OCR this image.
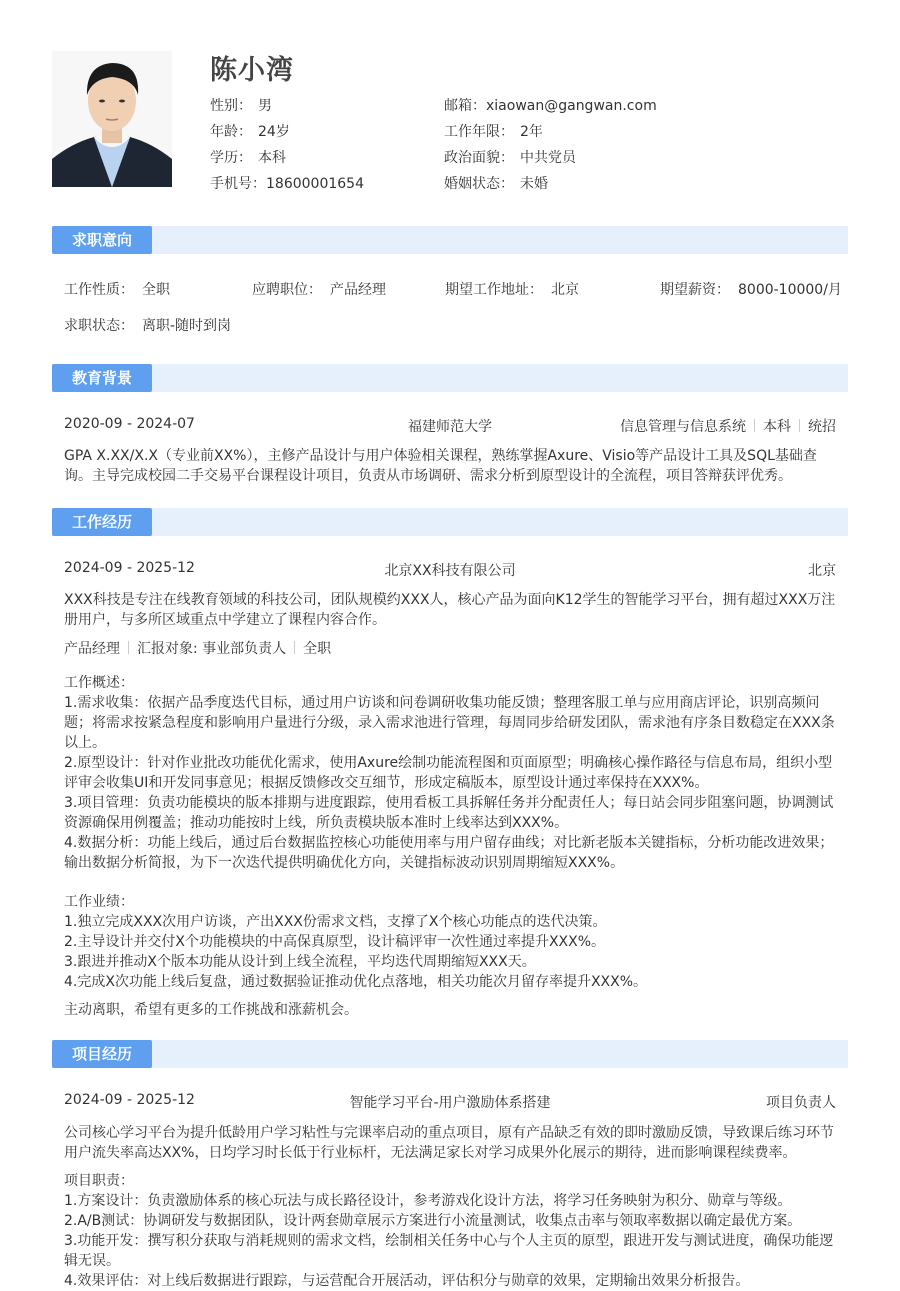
陈小湾
性别： 男
年龄： 24岁
学历： 本科
手机号：18600001654
邮箱：xiaowan@gangwan.com
工作年限： 2年
政治面貌： 中共党员
婚姻状态： 未婚
求职意向
工作性质： 全职	应聘职位： 产品经理	期望工作地址： 北京	期望薪资： 8000-10000/月
求职状态： 离职-随时到岗
教育背景
2020-09 - 2024-07	福建师范大学	信息管理与信息系统 本科 统招
GPA X.XX/X.X（专业前XX%），主修产品设计与用户体验相关课程，熟练掌握Axure、Visio等产品设计工具及SQL基础查询。主导完成校园二手交易平台课程设计项目，负责从市场调研、需求分析到原型设计的全流程，项目答辩获评优秀。
工作经历
2024-09 - 2025-12	北京XX科技有限公司	北京
XXX科技是专注在线教育领域的科技公司，团队规模约XXX人，核心产品为面向K12学生的智能学习平台，拥有超过XXX万注册用户，与多所区域重点中学建立了课程内容合作。
产品经理 汇报对象: 事业部负责人 全职
工作概述：
1.需求收集：依据产品季度迭代目标，通过用户访谈和问卷调研收集功能反馈；整理客服工单与应用商店评论，识别高频问题；将需求按紧急程度和影响用户量进行分级，录入需求池进行管理，每周同步给研发团队，需求池有序条目数稳定在XXX条以上。
2.原型设计：针对作业批改功能优化需求，使用Axure绘制功能流程图和页面原型；明确核心操作路径与信息布局，组织小型评审会收集UI和开发同事意见；根据反馈修改交互细节，形成定稿版本，原型设计通过率保持在XXX%。
3.项目管理：负责功能模块的版本排期与进度跟踪，使用看板工具拆解任务并分配责任人；每日站会同步阻塞问题，协调测试资源确保用例覆盖；推动功能按时上线，所负责模块版本准时上线率达到XXX%。
4.数据分析：功能上线后，通过后台数据监控核心功能使用率与用户留存曲线；对比新老版本关键指标，分析功能改进效果；输出数据分析简报，为下一次迭代提供明确优化方向，关键指标波动识别周期缩短XXX%。
工作业绩：
1.独立完成XXX次用户访谈，产出XXX份需求文档，支撑了X个核心功能点的迭代决策。
2.主导设计并交付X个功能模块的中高保真原型，设计稿评审一次性通过率提升XXX%。
3.跟进并推动X个版本功能从设计到上线全流程，平均迭代周期缩短XXX天。
4.完成X次功能上线后复盘，通过数据验证推动优化点落地，相关功能次月留存率提升XXX%。
主动离职，希望有更多的工作挑战和涨薪机会。
项目经历
2024-09 - 2025-12	智能学习平台-用户激励体系搭建	项目负责人
公司核心学习平台为提升低龄用户学习粘性与完课率启动的重点项目，原有产品缺乏有效的即时激励反馈，导致课后练习环节用户流失率高达XX%，日均学习时长低于行业标杆，无法满足家长对学习成果外化展示的期待，进而影响课程续费率。
项目职责：
1.方案设计：负责激励体系的核心玩法与成长路径设计，参考游戏化设计方法，将学习任务映射为积分、勋章与等级。
2.A/B测试：协调研发与数据团队，设计两套勋章展示方案进行小流量测试，收集点击率与领取率数据以确定最优方案。
3.功能开发：撰写积分获取与消耗规则的需求文档，绘制相关任务中心与个人主页的原型，跟进开发与测试进度，确保功能逻辑无误。
4.效果评估：对上线后数据进行跟踪，与运营配合开展活动，评估积分与勋章的效果，定期输出效果分析报告。
